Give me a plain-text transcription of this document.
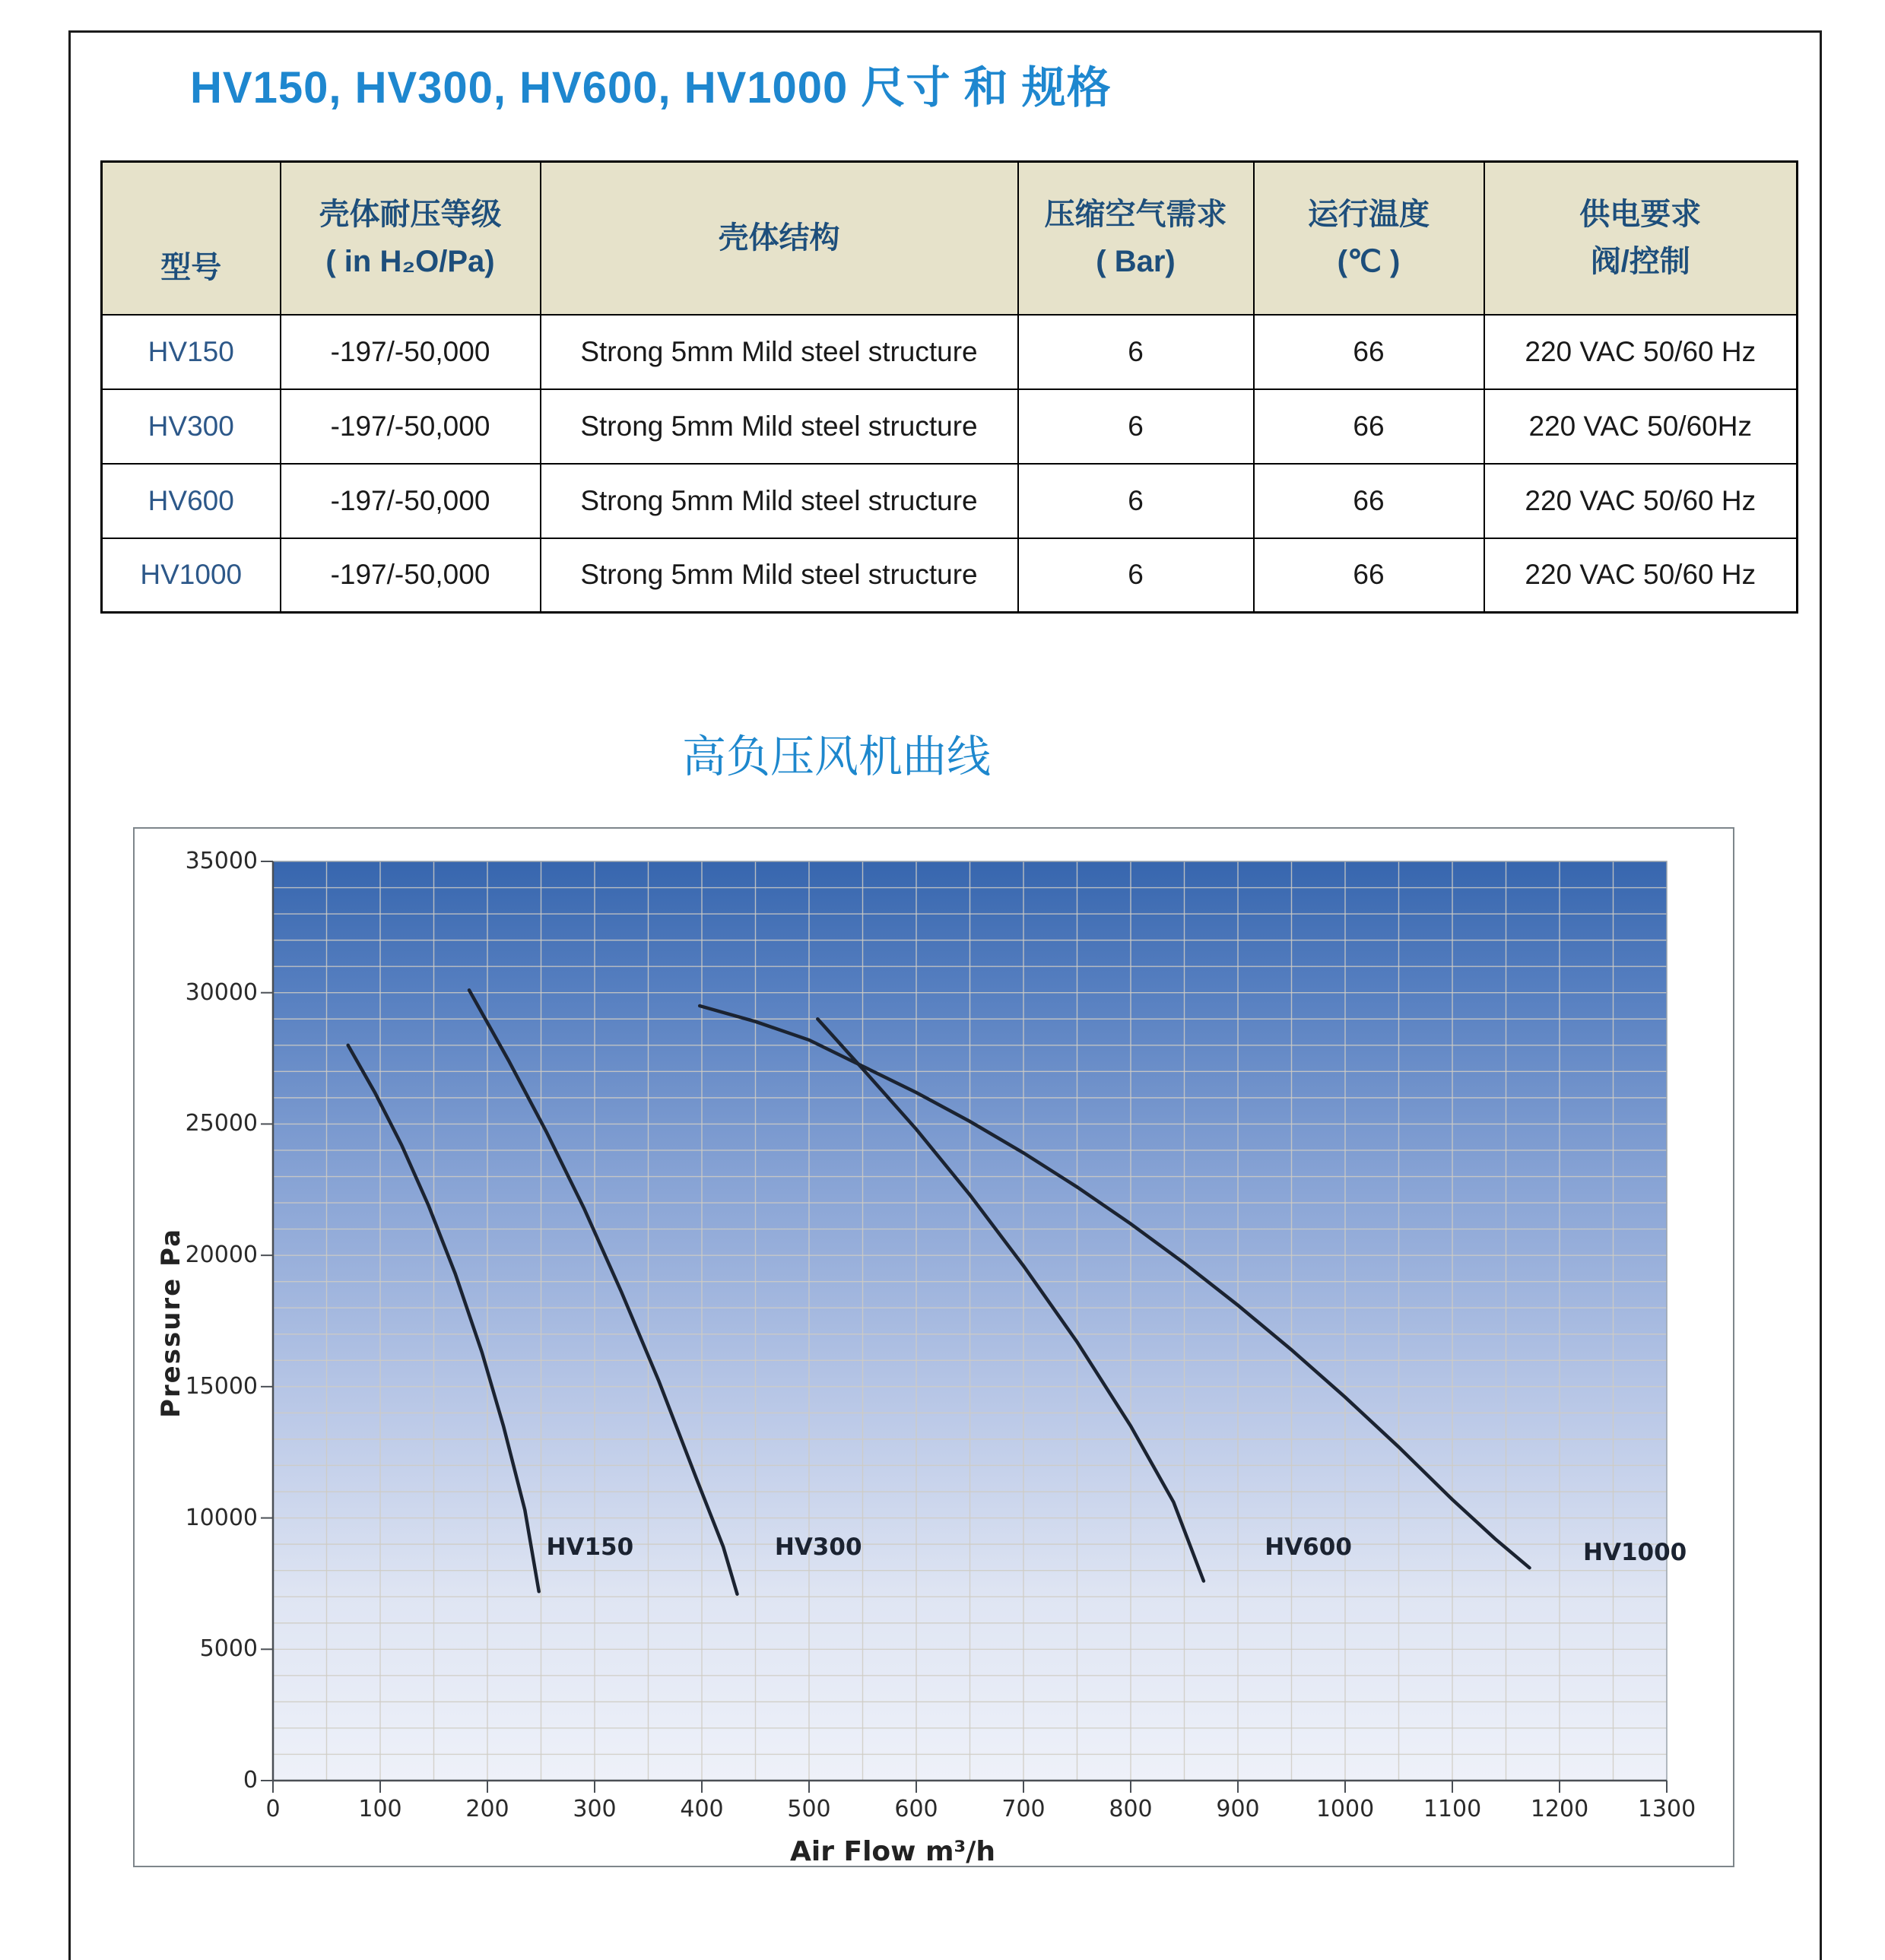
HV150, HV300, HV600, HV1000 尺寸 和 规格
型号

壳体耐压等级
( in H₂O/Pa)

壳体结构

压缩空气需求
( Bar)

运行温度
(℃ )

供电要求
阀/控制

HV150	-197/-50,000	Strong 5mm Mild steel structure	6	66	220 VAC 50/60 Hz
HV300	-197/-50,000	Strong 5mm Mild steel structure	6	66	220 VAC 50/60Hz
HV600	-197/-50,000	Strong 5mm Mild steel structure	6	66	220 VAC 50/60 Hz
HV1000	-197/-50,000	Strong 5mm Mild steel structure	6	66	220 VAC 50/60 Hz
高负压风机曲线
Pressure Pa
Air Flow m³/h
0
5000
10000
15000
20000
25000
30000
35000
0	100	200	300	400	500	600	700	800	900	1000 1100 1200 1300
HV150	HV300	HV600	HV1000
